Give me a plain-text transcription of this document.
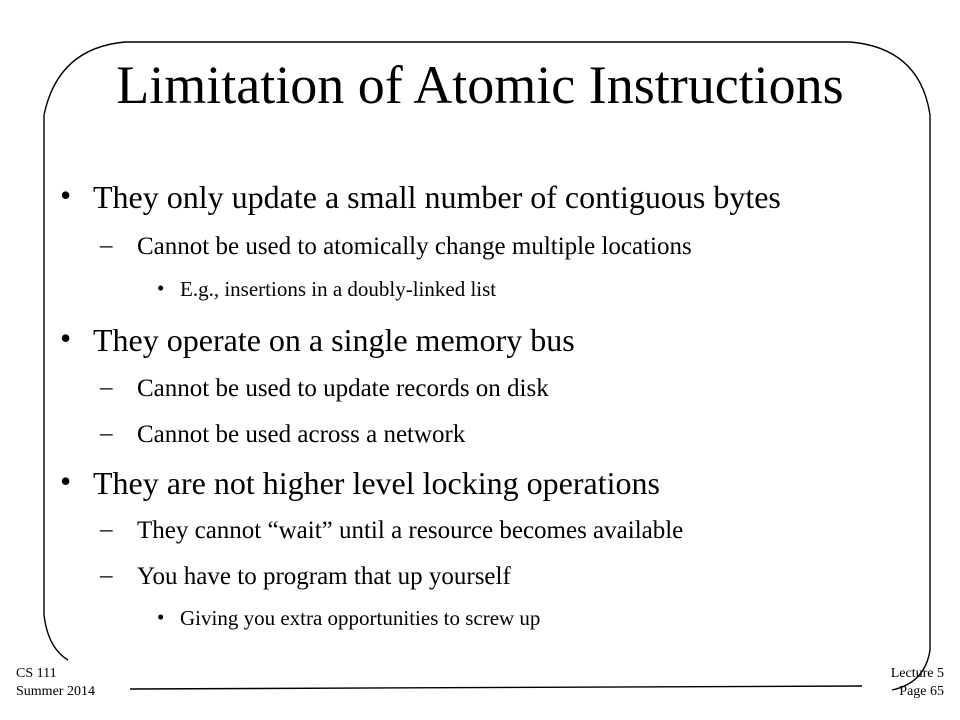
Limitation of Atomic Instructions
• They only update a small number of contiguous bytes
– Cannot be used to atomically change multiple locations
• E.g., insertions in a doubly-linked list
• They operate on a single memory bus
– Cannot be used to update records on disk
– Cannot be used across a network
• They are not higher level locking operations
– They cannot “wait” until a resource becomes available
– You have to program that up yourself
• Giving you extra opportunities to screw up
CS 111
Summer 2014
Lecture 5
Page 65
